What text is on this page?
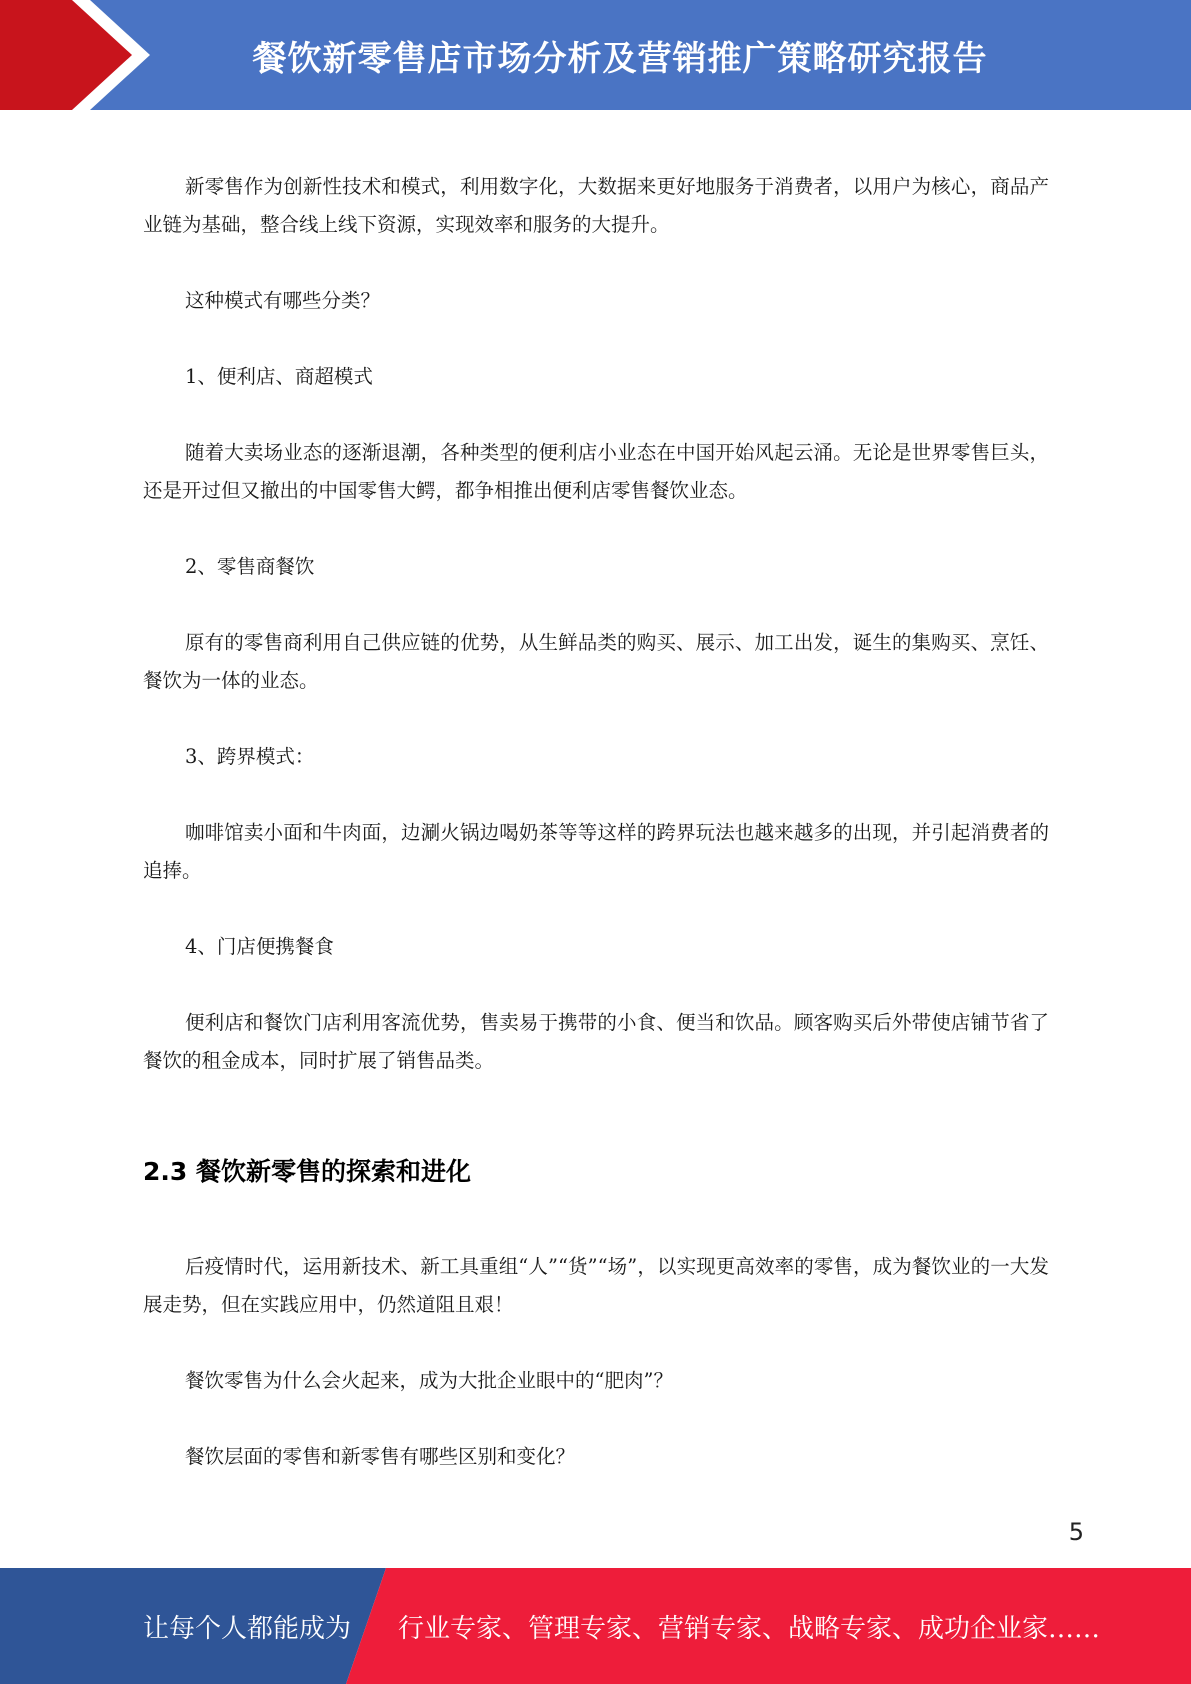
餐饮新零售店市场分析及营销推广策略研究报告

新零售作为创新性技术和模式，利用数字化，大数据来更好地服务于消费者，以用户为核心，商品产业链为基础，整合线上线下资源，实现效率和服务的大提升。

这种模式有哪些分类？

1、便利店、商超模式

随着大卖场业态的逐渐退潮，各种类型的便利店小业态在中国开始风起云涌。无论是世界零售巨头，还是开过但又撤出的中国零售大鳄，都争相推出便利店零售餐饮业态。

2、零售商餐饮

原有的零售商利用自己供应链的优势，从生鲜品类的购买、展示、加工出发，诞生的集购买、烹饪、餐饮为一体的业态。

3、跨界模式：

咖啡馆卖小面和牛肉面，边涮火锅边喝奶茶等等这样的跨界玩法也越来越多的出现，并引起消费者的追捧。

4、门店便携餐食

便利店和餐饮门店利用客流优势，售卖易于携带的小食、便当和饮品。顾客购买后外带使店铺节省了餐饮的租金成本，同时扩展了销售品类。

2.3 餐饮新零售的探索和进化

后疫情时代，运用新技术、新工具重组“人”“货”“场”，以实现更高效率的零售，成为餐饮业的一大发展走势，但在实践应用中，仍然道阻且艰！

餐饮零售为什么会火起来，成为大批企业眼中的“肥肉”？

餐饮层面的零售和新零售有哪些区别和变化？

5
让每个人都能成为 行业专家、管理专家、营销专家、战略专家、成功企业家……
